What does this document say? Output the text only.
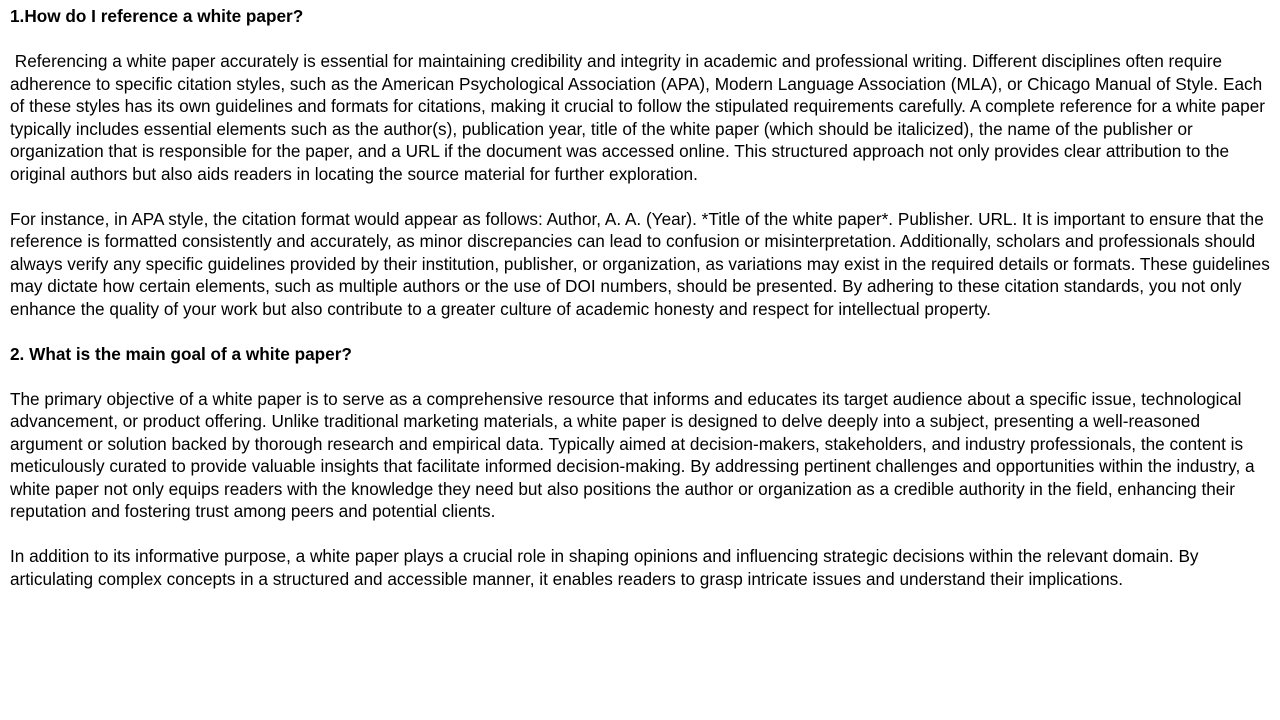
1.How do I reference a white paper?

Referencing a white paper accurately is essential for maintaining credibility and integrity in academic and professional writing. Different disciplines often require adherence to specific citation styles, such as the American Psychological Association (APA), Modern Language Association (MLA), or Chicago Manual of Style. Each of these styles has its own guidelines and formats for citations, making it crucial to follow the stipulated requirements carefully. A complete reference for a white paper typically includes essential elements such as the author(s), publication year, title of the white paper (which should be italicized), the name of the publisher or organization that is responsible for the paper, and a URL if the document was accessed online. This structured approach not only provides clear attribution to the original authors but also aids readers in locating the source material for further exploration.

For instance, in APA style, the citation format would appear as follows: Author, A. A. (Year). *Title of the white paper*. Publisher. URL. It is important to ensure that the reference is formatted consistently and accurately, as minor discrepancies can lead to confusion or misinterpretation. Additionally, scholars and professionals should always verify any specific guidelines provided by their institution, publisher, or organization, as variations may exist in the required details or formats. These guidelines may dictate how certain elements, such as multiple authors or the use of DOI numbers, should be presented. By adhering to these citation standards, you not only enhance the quality of your work but also contribute to a greater culture of academic honesty and respect for intellectual property.

2. What is the main goal of a white paper?

The primary objective of a white paper is to serve as a comprehensive resource that informs and educates its target audience about a specific issue, technological advancement, or product offering. Unlike traditional marketing materials, a white paper is designed to delve deeply into a subject, presenting a well-reasoned argument or solution backed by thorough research and empirical data. Typically aimed at decision-makers, stakeholders, and industry professionals, the content is meticulously curated to provide valuable insights that facilitate informed decision-making. By addressing pertinent challenges and opportunities within the industry, a white paper not only equips readers with the knowledge they need but also positions the author or organization as a credible authority in the field, enhancing their reputation and fostering trust among peers and potential clients.

In addition to its informative purpose, a white paper plays a crucial role in shaping opinions and influencing strategic decisions within the relevant domain. By articulating complex concepts in a structured and accessible manner, it enables readers to grasp intricate issues and understand their implications.
